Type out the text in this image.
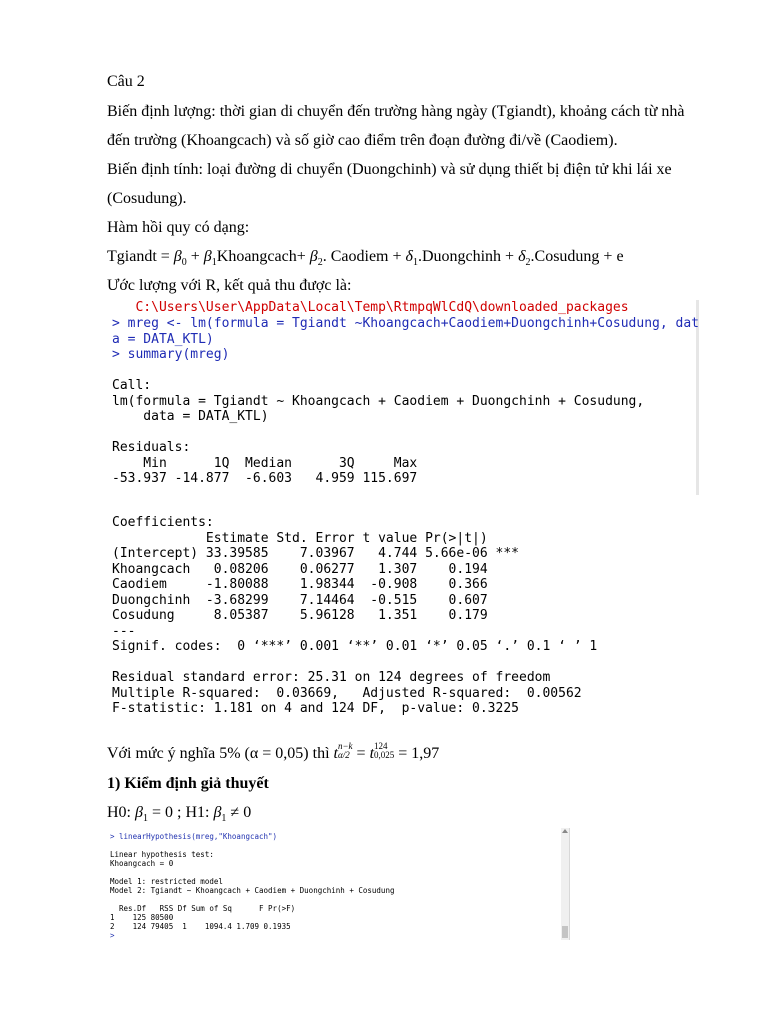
Câu 2
Biến định lượng: thời gian di chuyển đến trường hàng ngày (Tgiandt), khoảng cách từ nhà
đến trường (Khoangcach) và số giờ cao điểm trên đoạn đường đi/về (Caodiem).
Biến định tính: loại đường di chuyển (Duongchinh) và sử dụng thiết bị điện tử khi lái xe
(Cosudung).
Hàm hồi quy có dạng:
Tgiandt = $\beta_0$ + $\beta_1Khoangcach+ \beta_2$. Caodiem + $\delta_1.Duongchinh$ + $\delta_2.Cosudung + e$
Ước lượng với R, kết quả thu được là:
C:\Users\User\AppData\Local\Temp\RtmpqWlCdQ\downloaded_packages
> mreg <- lm(formula = Tgiandt ~Khoangcach+Caodiem+Duongchinh+Cosudung, dat
a = DATA_KTL)
> summary(mreg)
Call:
lm(formula = Tgiandt ~ Khoangcach + Caodiem + Duongchinh + Cosudung,
data = DATA_KTL)
Residuals:
Min      1Q  Median      3Q     Max
-53.937 -14.877  -6.603   4.959 115.697
Coefficients:
Estimate Std. Error t value Pr(>|t|)
(Intercept) 33.39585    7.03967   4.744 5.66e-06 ***
Khoangcach   0.08206    0.06277   1.307    0.194
Caodiem     -1.80088    1.98344  -0.908    0.366
Duongchinh  -3.68299    7.14464  -0.515    0.607
Cosudung     8.05387    5.96128   1.351    0.179
---
Signif. codes:  0 ‘***’ 0.001 ‘**’ 0.01 ‘*’ 0.05 ‘.’ 0.1 ‘ ’ 1
Residual standard error: 25.31 on 124 degrees of freedom
Multiple R-squared:  0.03669,	Adjusted R-squared:  0.00562
F-statistic: 1.181 on 4 and 124 DF,  p-value: 0.3225
Với mức ý nghĩa 5% (α = 0,05) thì t n−k
α/2 = t 124
0,025 = 1,97
1) Kiểm định giả thuyết
H0: $\beta_1 = 0$ ; H1: $\beta_1 \ne 0$
> linearHypothesis(mreg,"Khoangcach")
Linear hypothesis test:
Khoangcach = 0
Model 1: restricted model
Model 2: Tgiandt ~ Khoangcach + Caodiem + Duongchinh + Cosudung
Res.Df   RSS Df Sum of Sq      F Pr(>F)
1    125 80500
2    124 79405  1    1094.4 1.709 0.1935
>
